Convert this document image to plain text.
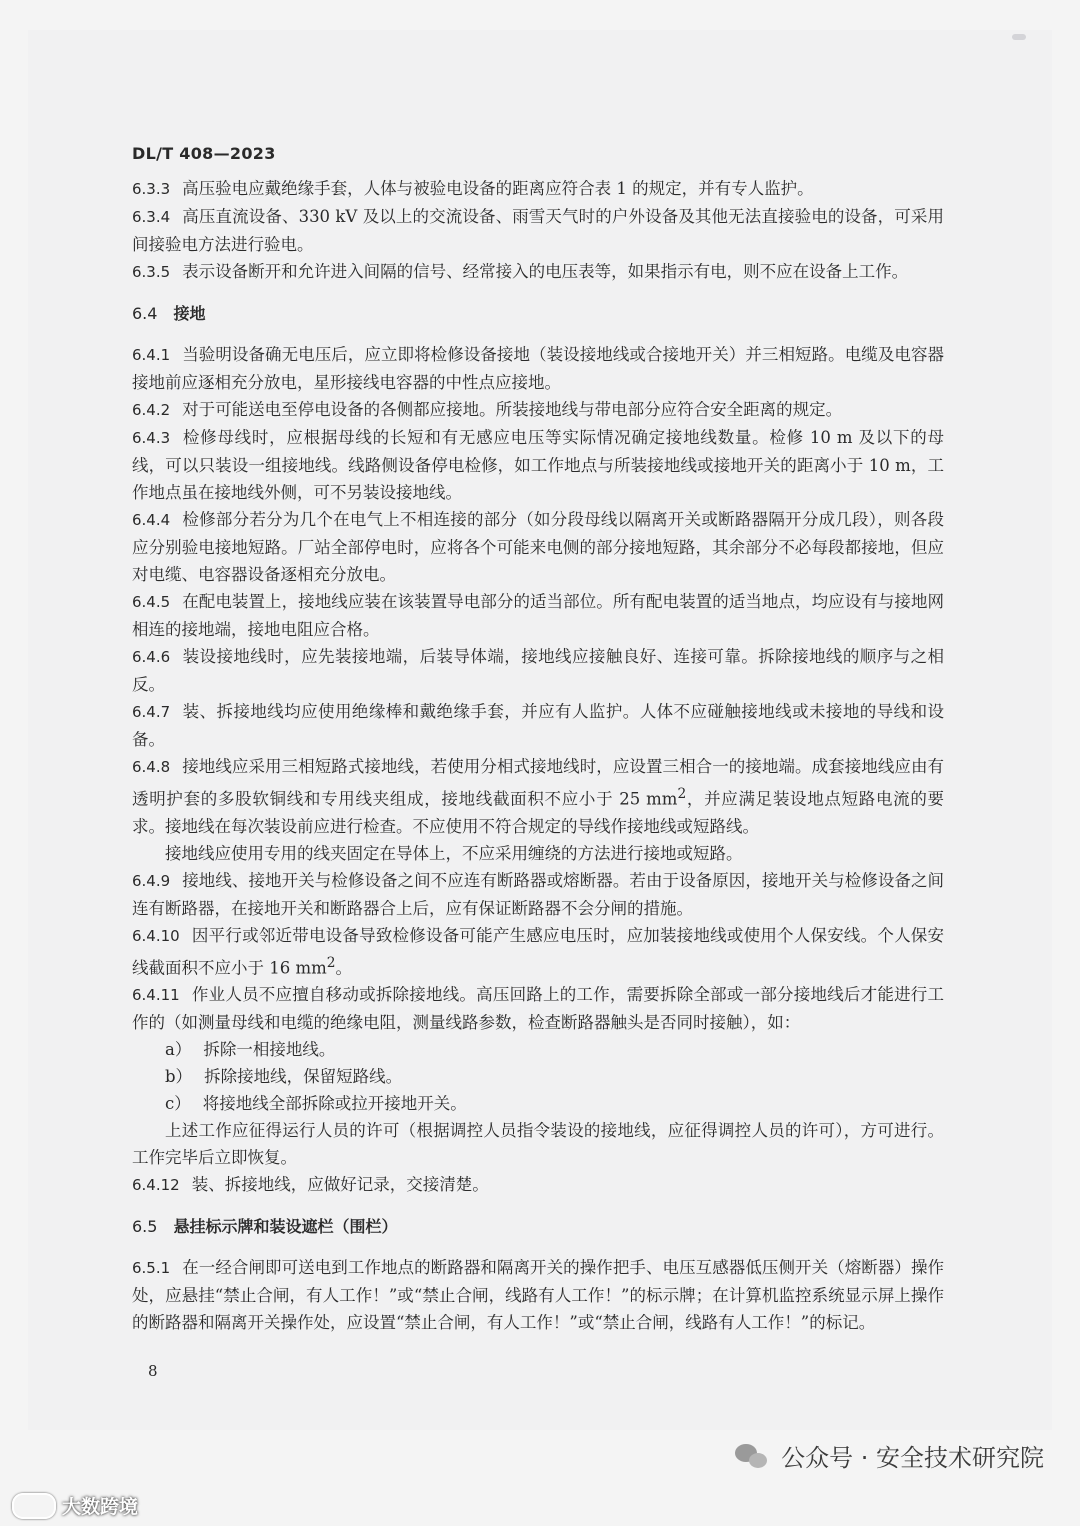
DL/T 408—2023
6.3.3 高压验电应戴绝缘手套，人体与被验电设备的距离应符合表 1 的规定，并有专人监护。
6.3.4 高压直流设备、330 kV 及以上的交流设备、雨雪天气时的户外设备及其他无法直接验电的设备，可采用间接验电方法进行验电。
6.3.5 表示设备断开和允许进入间隔的信号、经常接入的电压表等，如果指示有电，则不应在设备上工作。
6.4 接地
6.4.1 当验明设备确无电压后，应立即将检修设备接地（装设接地线或合接地开关）并三相短路。电缆及电容器接地前应逐相充分放电，星形接线电容器的中性点应接地。
6.4.2 对于可能送电至停电设备的各侧都应接地。所装接地线与带电部分应符合安全距离的规定。
6.4.3 检修母线时，应根据母线的长短和有无感应电压等实际情况确定接地线数量。检修 10 m 及以下的母线，可以只装设一组接地线。线路侧设备停电检修，如工作地点与所装接地线或接地开关的距离小于 10 m，工作地点虽在接地线外侧，可不另装设接地线。
6.4.4 检修部分若分为几个在电气上不相连接的部分（如分段母线以隔离开关或断路器隔开分成几段），则各段应分别验电接地短路。厂站全部停电时，应将各个可能来电侧的部分接地短路，其余部分不必每段都接地，但应对电缆、电容器设备逐相充分放电。
6.4.5 在配电装置上，接地线应装在该装置导电部分的适当部位。所有配电装置的适当地点，均应设有与接地网相连的接地端，接地电阻应合格。
6.4.6 装设接地线时，应先装接地端，后装导体端，接地线应接触良好、连接可靠。拆除接地线的顺序与之相反。
6.4.7 装、拆接地线均应使用绝缘棒和戴绝缘手套，并应有人监护。人体不应碰触接地线或未接地的导线和设备。
6.4.8 接地线应采用三相短路式接地线，若使用分相式接地线时，应设置三相合一的接地端。成套接地线应由有透明护套的多股软铜线和专用线夹组成，接地线截面积不应小于 25 $mm^2$，并应满足装设地点短路电流的要求。接地线在每次装设前应进行检查。不应使用不符合规定的导线作接地线或短路线。
接地线应使用专用的线夹固定在导体上，不应采用缠绕的方法进行接地或短路。
6.4.9 接地线、接地开关与检修设备之间不应连有断路器或熔断器。若由于设备原因，接地开关与检修设备之间连有断路器，在接地开关和断路器合上后，应有保证断路器不会分闸的措施。
6.4.10 因平行或邻近带电设备导致检修设备可能产生感应电压时，应加装接地线或使用个人保安线。个人保安线截面积不应小于 16 $mm^2$。
6.4.11 作业人员不应擅自移动或拆除接地线。高压回路上的工作，需要拆除全部或一部分接地线后才能进行工作的（如测量母线和电缆的绝缘电阻，测量线路参数，检查断路器触头是否同时接触），如：
a） 拆除一相接地线。
b） 拆除接地线，保留短路线。
c） 将接地线全部拆除或拉开接地开关。
上述工作应征得运行人员的许可（根据调控人员指令装设的接地线，应征得调控人员的许可），方可进行。工作完毕后立即恢复。
6.4.12 装、拆接地线，应做好记录，交接清楚。
6.5 悬挂标示牌和装设遮栏（围栏）
6.5.1 在一经合闸即可送电到工作地点的断路器和隔离开关的操作把手、电压互感器低压侧开关（熔断器）操作处，应悬挂“禁止合闸，有人工作！”或“禁止合闸，线路有人工作！”的标示牌；在计算机监控系统显示屏上操作的断路器和隔离开关操作处，应设置“禁止合闸，有人工作！”或“禁止合闸，线路有人工作！”的标记。
8
公众号 · 安全技术研究院
大数跨境
